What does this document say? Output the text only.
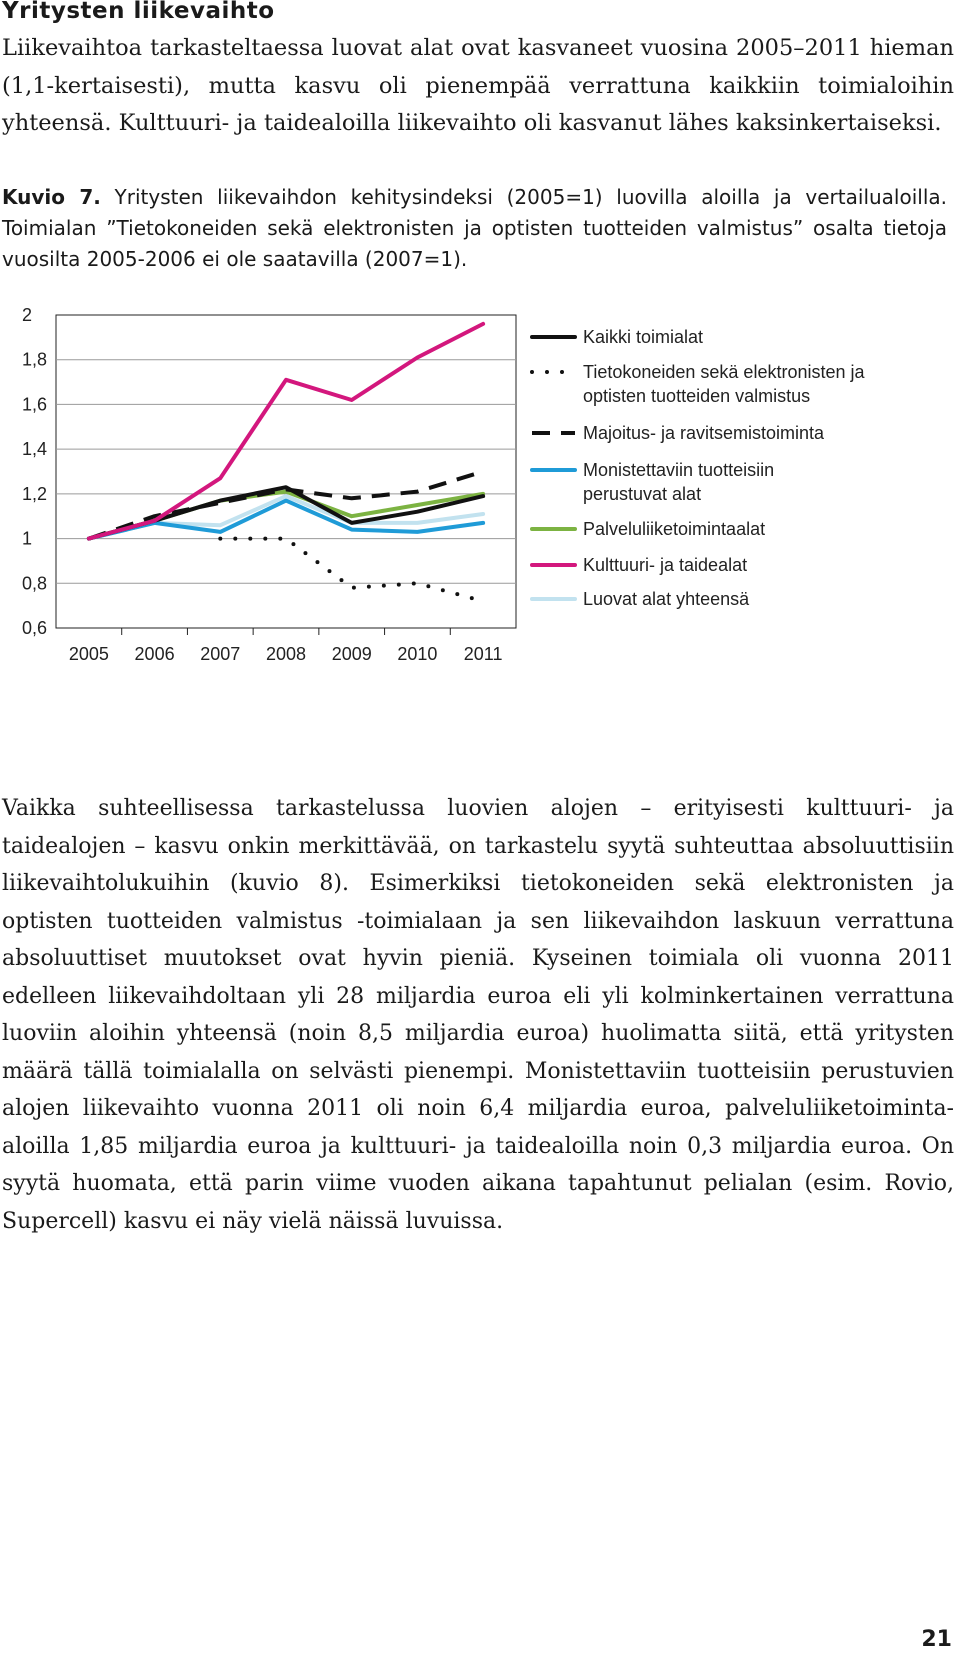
Yritysten liikevaihto

Liikevaihtoa tarkasteltaessa luovat alat ovat kasvaneet vuosina 2005–2011 hieman (1,1-kertaisesti), mutta kasvu oli pienempää verrattuna kaikkiin toimialoihin yhteensä. Kulttuuri- ja taidealoilla liikevaihto oli kasvanut lähes kaksinkertaiseksi.

Kuvio 7. Yritysten liikevaihdon kehitysindeksi (2005=1) luovilla aloilla ja vertailualoilla. Toimialan ”Tietokoneiden sekä elektronisten ja optisten tuotteiden valmistus” osalta tietoja vuosilta 2005-2006 ei ole saatavilla (2007=1).

2
1,8
1,6
1,4
1,2
1
0,8
0,6
2005 2006 2007 2008 2009 2010 2011
Kaikki toimialat
Tietokoneiden sekä elektronisten ja optisten tuotteiden valmistus
Majoitus- ja ravitsemistoiminta
Monistettaviin tuotteisiin perustuvat alat
Palveluliiketoimintaalat
Kulttuuri- ja taidealat
Luovat alat yhteensä

Vaikka suhteellisessa tarkastelussa luovien alojen – erityisesti kulttuuri- ja taidealojen – kasvu onkin merkittävää, on tarkastelu syytä suhteuttaa absoluuttisiin liikevaihtolukuihin (kuvio 8). Esimerkiksi tietokoneiden sekä elektronisten ja optisten tuotteiden valmistus -toimialaan ja sen liikevaihdon laskuun verrattuna absoluuttiset muutokset ovat hyvin pieniä. Kyseinen toimiala oli vuonna 2011 edelleen liikevaihdoltaan yli 28 miljardia euroa eli yli kolminkertainen verrattuna luoviin aloihin yhteensä (noin 8,5 miljardia euroa) huolimatta siitä, että yritysten määrä tällä toimialalla on selvästi pienempi. Monistettaviin tuotteisiin perustuvien alojen liikevaihto vuonna 2011 oli noin 6,4 miljardia euroa, palveluliiketoiminta-aloilla 1,85 miljardia euroa ja kulttuuri- ja taidealoilla noin 0,3 miljardia euroa. On syytä huomata, että parin viime vuoden aikana tapahtunut pelialan (esim. Rovio, Supercell) kasvu ei näy vielä näissä luvuissa.

21
